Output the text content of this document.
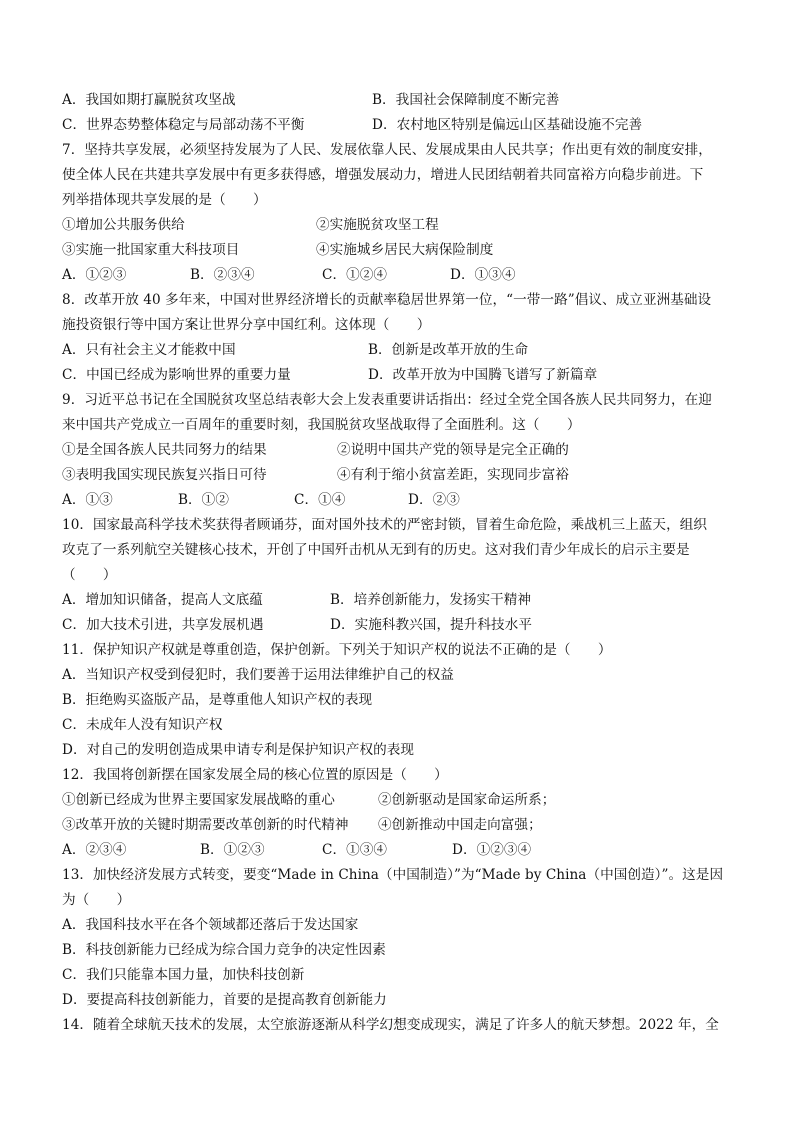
A．我国如期打赢脱贫攻坚战	B．我国社会保障制度不断完善
C．世界态势整体稳定与局部动荡不平衡	D．农村地区特别是偏远山区基础设施不完善
7．坚持共享发展，必须坚持发展为了人民、发展依靠人民、发展成果由人民共享；作出更有效的制度安排，
使全体人民在共建共享发展中有更多获得感，增强发展动力，增进人民团结朝着共同富裕方向稳步前进。下
列举措体现共享发展的是（　　）
①增加公共服务供给	②实施脱贫攻坚工程
③实施一批国家重大科技项目	④实施城乡居民大病保险制度
A．①②③	B．②③④	C．①②④	D．①③④
8．改革开放 40 多年来，中国对世界经济增长的贡献率稳居世界第一位，“一带一路”倡议、成立亚洲基础设
施投资银行等中国方案让世界分享中国红利。这体现（　　）
A．只有社会主义才能救中国	B．创新是改革开放的生命
C．中国已经成为影响世界的重要力量	D．改革开放为中国腾飞谱写了新篇章
9．习近平总书记在全国脱贫攻坚总结表彰大会上发表重要讲话指出：经过全党全国各族人民共同努力，在迎
来中国共产党成立一百周年的重要时刻，我国脱贫攻坚战取得了全面胜利。这（　　）
①是全国各族人民共同努力的结果	②说明中国共产党的领导是完全正确的
③表明我国实现民族复兴指日可待	④有利于缩小贫富差距，实现同步富裕
A．①③	B．①②	C．①④	D．②③
10．国家最高科学技术奖获得者顾诵芬，面对国外技术的严密封锁，冒着生命危险，乘战机三上蓝天，组织
攻克了一系列航空关键核心技术，开创了中国歼击机从无到有的历史。这对我们青少年成长的启示主要是
（　　）
A．增加知识储备，提高人文底蕴	B．培养创新能力，发扬实干精神
C．加大技术引进，共享发展机遇	D．实施科教兴国，提升科技水平
11．保护知识产权就是尊重创造，保护创新。下列关于知识产权的说法不正确的是（　　）
A．当知识产权受到侵犯时，我们要善于运用法律维护自己的权益
B．拒绝购买盗版产品，是尊重他人知识产权的表现
C．未成年人没有知识产权
D．对自己的发明创造成果申请专利是保护知识产权的表现
12．我国将创新摆在国家发展全局的核心位置的原因是（　　）
①创新已经成为世界主要国家发展战略的重心	②创新驱动是国家命运所系；
③改革开放的关键时期需要改革创新的时代精神 ④创新推动中国走向富强；
A．②③④	B．①②③	C．①③④	D．①②③④
13．加快经济发展方式转变，要变“Made in China（中国制造）”为“Made by China（中国创造）”。这是因
为（　　）
A．我国科技水平在各个领域都还落后于发达国家
B．科技创新能力已经成为综合国力竞争的决定性因素
C．我们只能靠本国力量，加快科技创新
D．要提高科技创新能力，首要的是提高教育创新能力
14．随着全球航天技术的发展，太空旅游逐渐从科学幻想变成现实，满足了许多人的航天梦想。2022 年，全
